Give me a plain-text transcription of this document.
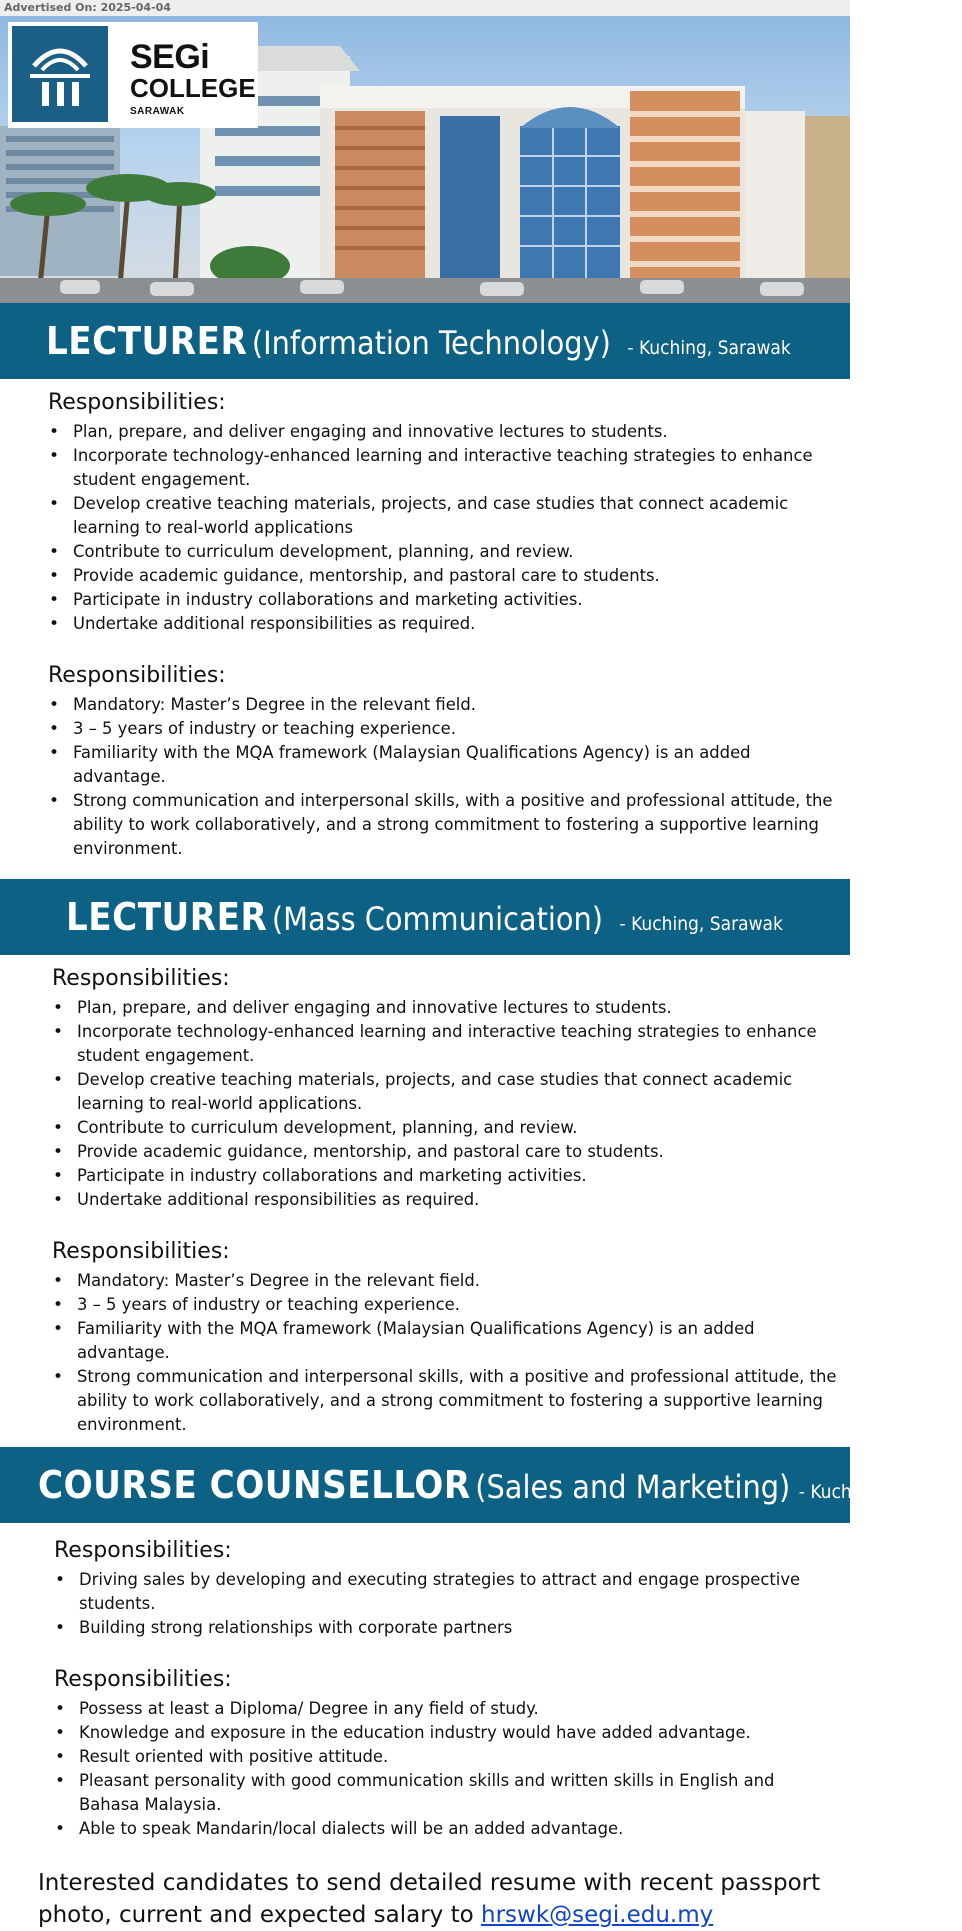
Advertised On: 2025-04-04
SEGi
COLLEGE
SARAWAK
LECTURER (Information Technology) - Kuching, Sarawak
Responsibilities:
• Plan, prepare, and deliver engaging and innovative lectures to students.
• Incorporate technology-enhanced learning and interactive teaching strategies to enhance student engagement.
• Develop creative teaching materials, projects, and case studies that connect academic learning to real-world applications
• Contribute to curriculum development, planning, and review.
• Provide academic guidance, mentorship, and pastoral care to students.
• Participate in industry collaborations and marketing activities.
• Undertake additional responsibilities as required.
Responsibilities:
• Mandatory: Master’s Degree in the relevant field.
• 3 – 5 years of industry or teaching experience.
• Familiarity with the MQA framework (Malaysian Qualifications Agency) is an added advantage.
• Strong communication and interpersonal skills, with a positive and professional attitude, the ability to work collaboratively, and a strong commitment to fostering a supportive learning environment.
LECTURER (Mass Communication) - Kuching, Sarawak
Responsibilities:
• Plan, prepare, and deliver engaging and innovative lectures to students.
• Incorporate technology-enhanced learning and interactive teaching strategies to enhance student engagement.
• Develop creative teaching materials, projects, and case studies that connect academic learning to real-world applications.
• Contribute to curriculum development, planning, and review.
• Provide academic guidance, mentorship, and pastoral care to students.
• Participate in industry collaborations and marketing activities.
• Undertake additional responsibilities as required.
Responsibilities:
• Mandatory: Master’s Degree in the relevant field.
• 3 – 5 years of industry or teaching experience.
• Familiarity with the MQA framework (Malaysian Qualifications Agency) is an added advantage.
• Strong communication and interpersonal skills, with a positive and professional attitude, the ability to work collaboratively, and a strong commitment to fostering a supportive learning environment.
COURSE COUNSELLOR (Sales and Marketing) - Kuching, Sarawak
Responsibilities:
• Driving sales by developing and executing strategies to attract and engage prospective students.
• Building strong relationships with corporate partners
Responsibilities:
• Possess at least a Diploma/ Degree in any field of study.
• Knowledge and exposure in the education industry would have added advantage.
• Result oriented with positive attitude.
• Pleasant personality with good communication skills and written skills in English and Bahasa Malaysia.
• Able to speak Mandarin/local dialects will be an added advantage.
Interested candidates to send detailed resume with recent passport photo, current and expected salary to hrswk@segi.edu.my
